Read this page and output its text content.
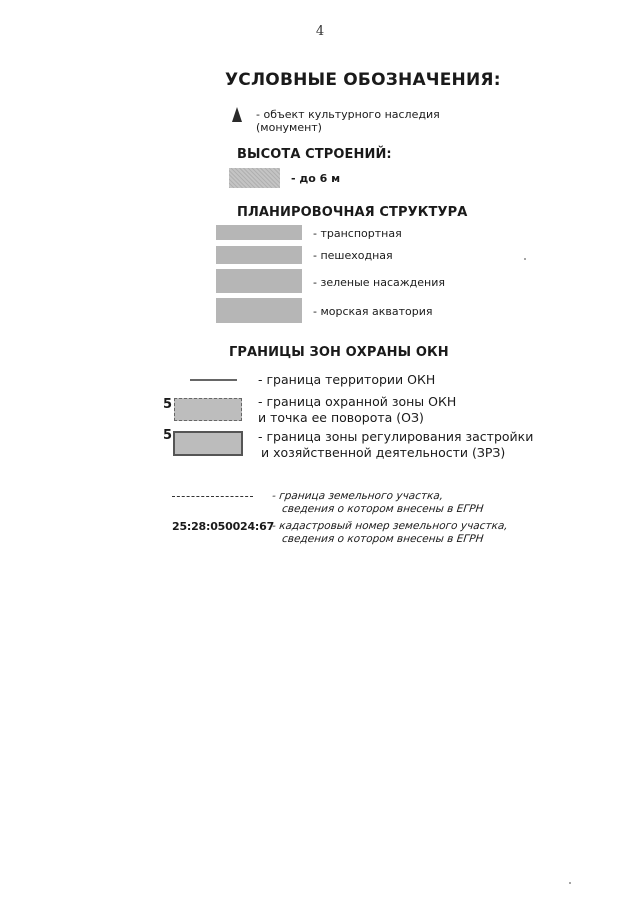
4
УСЛОВНЫЕ ОБОЗНАЧЕНИЯ:
- объект культурного наследия
(монумент)
ВЫСОТА СТРОЕНИЙ:
- до 6 м
ПЛАНИРОВОЧНАЯ СТРУКТУРА
- транспортная
- пешеходная
- зеленые насаждения
- морская акватория
ГРАНИЦЫ ЗОН ОХРАНЫ ОКН
- граница территории ОКН
5	- граница охранной зоны ОКН
и точка ее поворота (ОЗ)
5	- граница зоны регулирования застройки
и хозяйственной деятельности (ЗРЗ)
- граница земельного участка,
сведения о котором внесены в ЕГРН
25:28:050024:67
- кадастровый номер земельного участка,
сведения о котором внесены в ЕГРН
